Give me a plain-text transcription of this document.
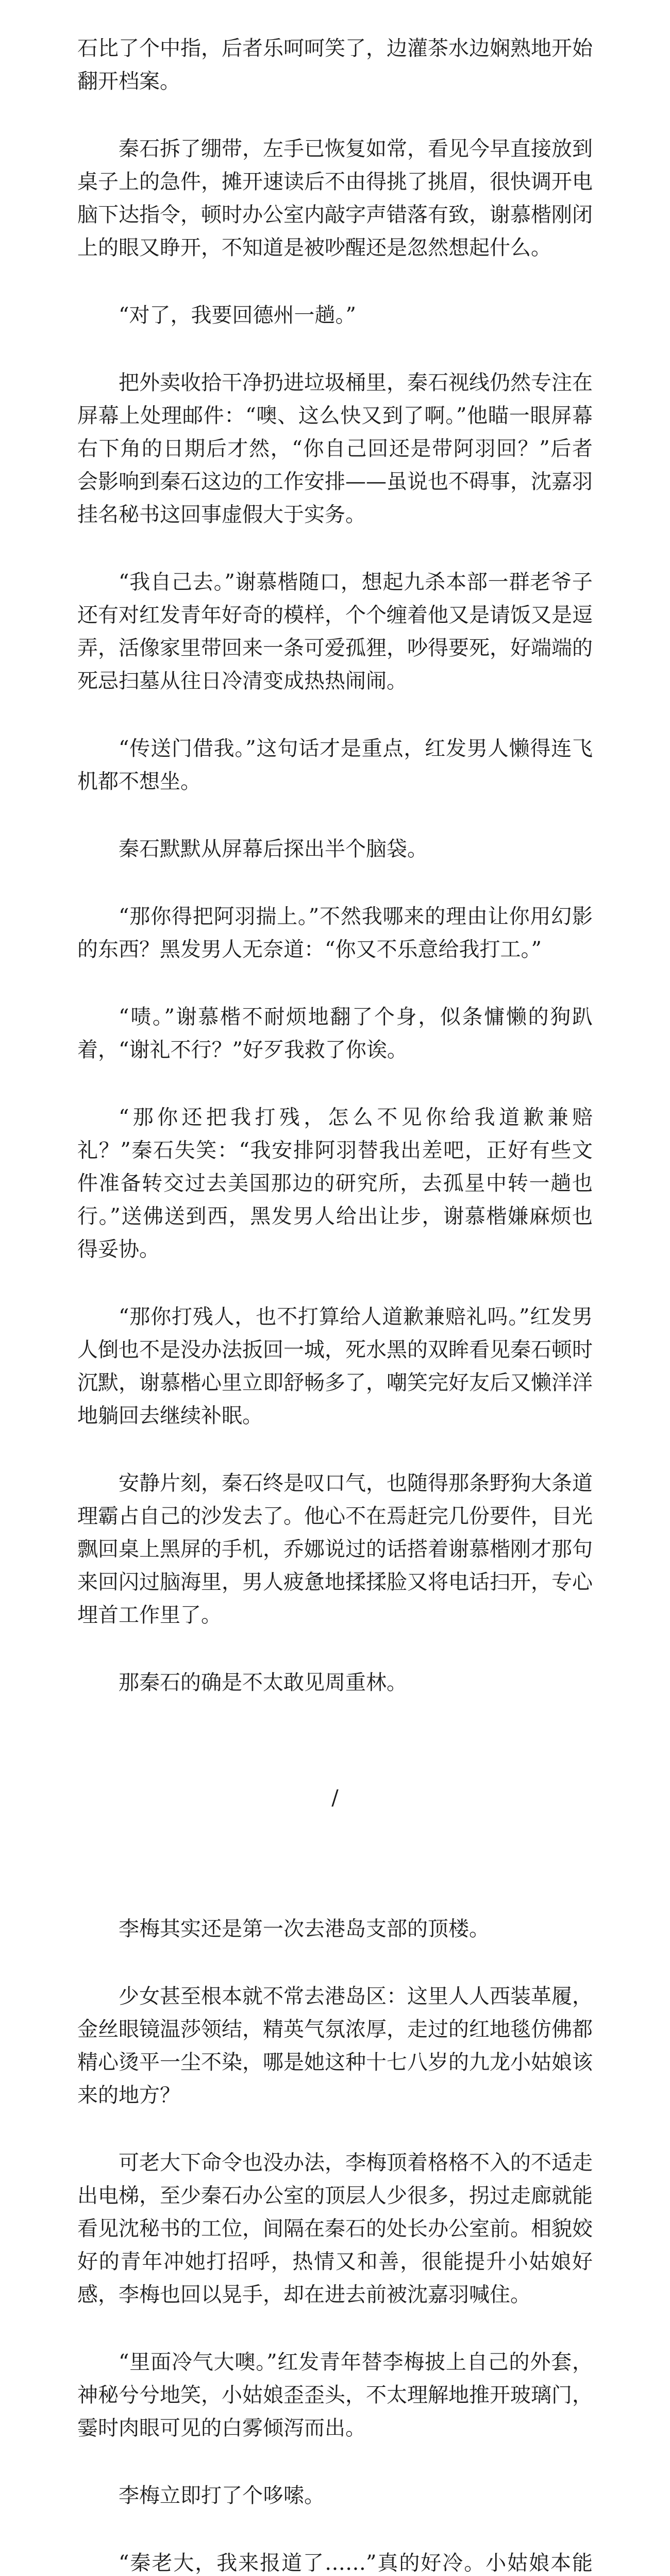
石比了个中指，后者乐呵呵笑了，边灌茶水边娴熟地开始翻开档案。

秦石拆了绷带，左手已恢复如常，看见今早直接放到桌子上的急件，摊开速读后不由得挑了挑眉，很快调开电脑下达指令，顿时办公室内敲字声错落有致，谢慕楷刚闭上的眼又睁开，不知道是被吵醒还是忽然想起什么。

“对了，我要回德州一趟。”

把外卖收拾干净扔进垃圾桶里，秦石视线仍然专注在屏幕上处理邮件：“噢、这么快又到了啊。”他瞄一眼屏幕右下角的日期后才然，“你自己回还是带阿羽回？”后者会影响到秦石这边的工作安排——虽说也不碍事，沈嘉羽挂名秘书这回事虚假大于实务。

“我自己去。”谢慕楷随口，想起九杀本部一群老爷子还有对红发青年好奇的模样，个个缠着他又是请饭又是逗弄，活像家里带回来一条可爱孤狸，吵得要死，好端端的死忌扫墓从往日冷清变成热热闹闹。

“传送门借我。”这句话才是重点，红发男人懒得连飞机都不想坐。

秦石默默从屏幕后探出半个脑袋。

“那你得把阿羽揣上。”不然我哪来的理由让你用幻影的东西？黑发男人无奈道：“你又不乐意给我打工。”

“啧。”谢慕楷不耐烦地翻了个身，似条慵懒的狗趴着，“谢礼不行？”好歹我救了你诶。

“那你还把我打残，怎么不见你给我道歉兼赔礼？”秦石失笑：“我安排阿羽替我出差吧，正好有些文件准备转交过去美国那边的研究所，去孤星中转一趟也行。”送佛送到西，黑发男人给出让步，谢慕楷嫌麻烦也得妥协。

“那你打残人，也不打算给人道歉兼赔礼吗。”红发男人倒也不是没办法扳回一城，死水黑的双眸看见秦石顿时沉默，谢慕楷心里立即舒畅多了，嘲笑完好友后又懒洋洋地躺回去继续补眠。

安静片刻，秦石终是叹口气，也随得那条野狗大条道理霸占自己的沙发去了。他心不在焉赶完几份要件，目光飘回桌上黑屏的手机，乔娜说过的话搭着谢慕楷刚才那句来回闪过脑海里，男人疲惫地揉揉脸又将电话扫开，专心埋首工作里了。

那秦石的确是不太敢见周重林。

/

李梅其实还是第一次去港岛支部的顶楼。

少女甚至根本就不常去港岛区：这里人人西装革履，金丝眼镜温莎领结，精英气氛浓厚，走过的红地毯仿佛都精心烫平一尘不染，哪是她这种十七八岁的九龙小姑娘该来的地方？

可老大下命令也没办法，李梅顶着格格不入的不适走出电梯，至少秦石办公室的顶层人少很多，拐过走廊就能看见沈秘书的工位，间隔在秦石的处长办公室前。相貌姣好的青年冲她打招呼，热情又和善，很能提升小姑娘好感，李梅也回以晃手，却在进去前被沈嘉羽喊住。

“里面冷气大噢。”红发青年替李梅披上自己的外套，神秘兮兮地笑，小姑娘歪歪头，不太理解地推开玻璃门，霎时肉眼可见的白雾倾泻而出。

李梅立即打了个哆嗦。

“秦老大，我来报道了……”真的好冷。小姑娘本能
